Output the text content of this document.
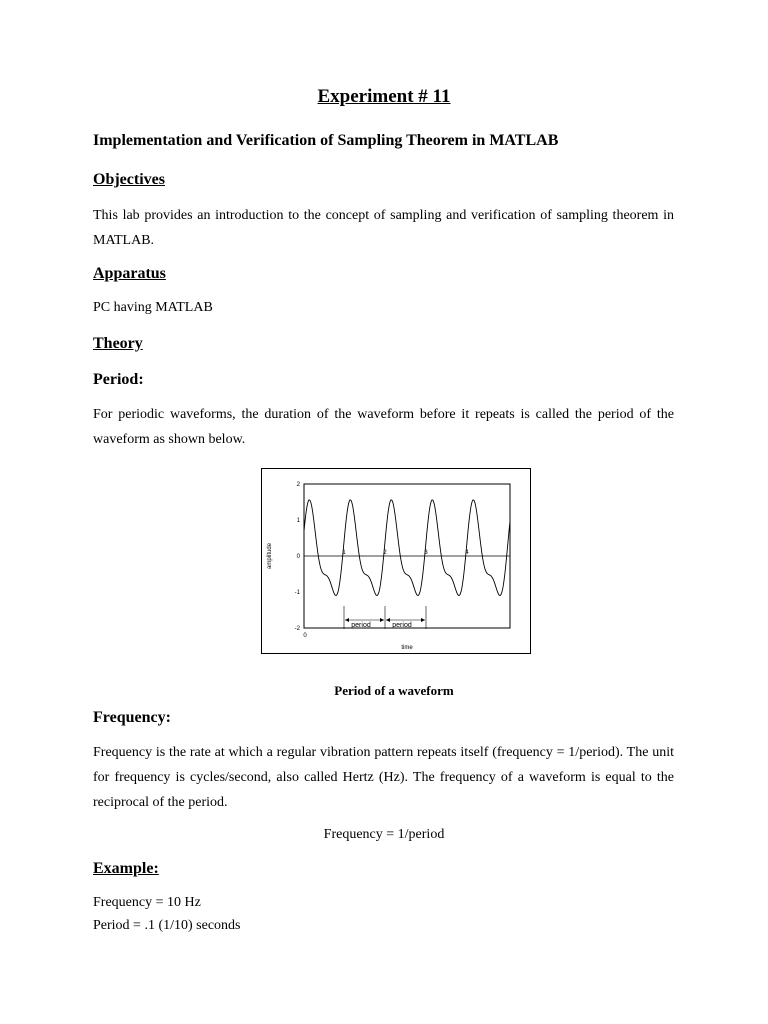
Experiment # 11
Implementation and Verification of Sampling Theorem in MATLAB
Objectives
This lab provides an introduction to the concept of sampling and verification of sampling theorem in MATLAB.
Apparatus
PC having MATLAB
Theory
Period:
For periodic waveforms, the duration of the waveform before it repeats is called the period of the waveform as shown below.
2
1
0
-1
-2
0
1	2	3	4
amplitude
time
period	period
Period of a waveform
Frequency:
Frequency is the rate at which a regular vibration pattern repeats itself (frequency = 1/period). The unit for frequency is cycles/second, also called Hertz (Hz). The frequency of a waveform is equal to the reciprocal of the period.
Frequency = 1/period
Example:
Frequency = 10 Hz
Period = .1 (1/10) seconds
